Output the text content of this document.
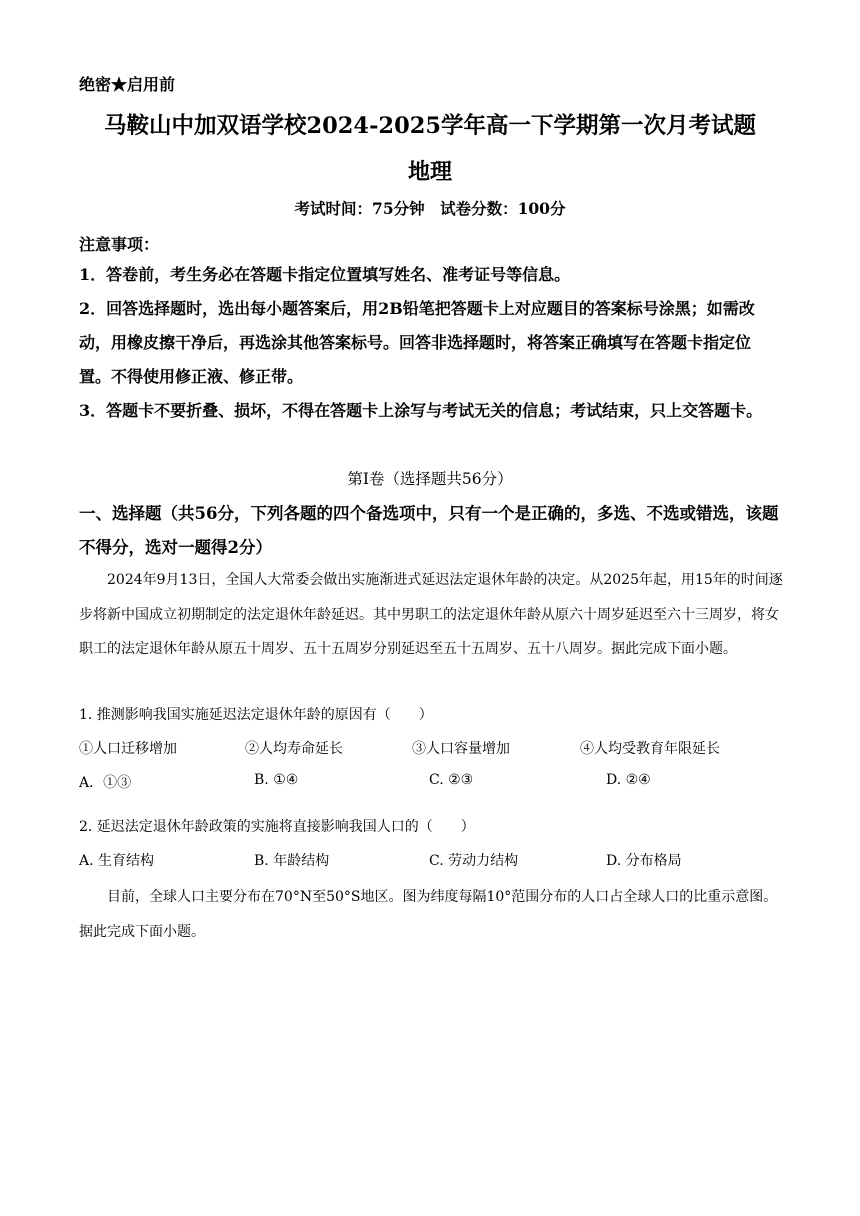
绝密★启用前
马鞍山中加双语学校2024-2025学年高一下学期第一次月考试题
地理
考试时间：75分钟　试卷分数：100分
注意事项：
1．答卷前，考生务必在答题卡指定位置填写姓名、准考证号等信息。
2．回答选择题时，选出每小题答案后，用2B铅笔把答题卡上对应题目的答案标号涂黑；如需改动，用橡皮擦干净后，再选涂其他答案标号。回答非选择题时，将答案正确填写在答题卡指定位置。不得使用修正液、修正带。
3．答题卡不要折叠、损坏，不得在答题卡上涂写与考试无关的信息；考试结束，只上交答题卡。
第Ⅰ卷（选择题共56分）
一、选择题（共56分，下列各题的四个备选项中，只有一个是正确的，多选、不选或错选，该题不得分，选对一题得2分）
2024年9月13日，全国人大常委会做出实施渐进式延迟法定退休年龄的决定。从2025年起，用15年的时间逐步将新中国成立初期制定的法定退休年龄延迟。其中男职工的法定退休年龄从原六十周岁延迟至六十三周岁，将女职工的法定退休年龄从原五十周岁、五十五周岁分别延迟至五十五周岁、五十八周岁。据此完成下面小题。
1. 推测影响我国实施延迟法定退休年龄的原因有（　　）
①人口迁移增加	②人均寿命延长	③人口容量增加	④人均受教育年限延长
A．①③	B. ①④	C. ②③	D. ②④
2. 延迟法定退休年龄政策的实施将直接影响我国人口的（　　）
A. 生育结构	B. 年龄结构	C. 劳动力结构	D. 分布格局
目前，全球人口主要分布在70°N至50°S地区。图为纬度每隔10°范围分布的人口占全球人口的比重示意图。据此完成下面小题。
